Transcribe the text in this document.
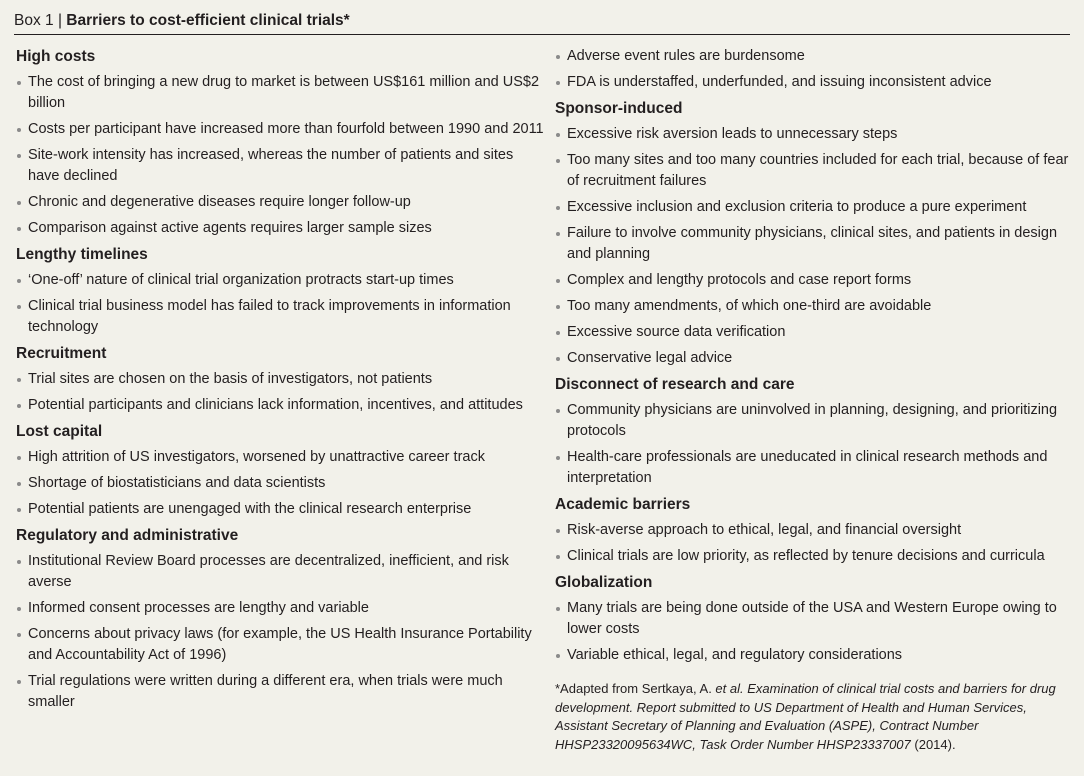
Box 1 | Barriers to cost-efficient clinical trials*
High costs
The cost of bringing a new drug to market is between US$161 million and US$2 billion
Costs per participant have increased more than fourfold between 1990 and 2011
Site-work intensity has increased, whereas the number of patients and sites have declined
Chronic and degenerative diseases require longer follow-up
Comparison against active agents requires larger sample sizes
Lengthy timelines
‘One-off’ nature of clinical trial organization protracts start-up times
Clinical trial business model has failed to track improvements in information technology
Recruitment
Trial sites are chosen on the basis of investigators, not patients
Potential participants and clinicians lack information, incentives, and attitudes
Lost capital
High attrition of US investigators, worsened by unattractive career track
Shortage of biostatisticians and data scientists
Potential patients are unengaged with the clinical research enterprise
Regulatory and administrative
Institutional Review Board processes are decentralized, inefficient, and risk averse
Informed consent processes are lengthy and variable
Concerns about privacy laws (for example, the US Health Insurance Portability and Accountability Act of 1996)
Trial regulations were written during a different era, when trials were much smaller
Adverse event rules are burdensome
FDA is understaffed, underfunded, and issuing inconsistent advice
Sponsor-induced
Excessive risk aversion leads to unnecessary steps
Too many sites and too many countries included for each trial, because of fear of recruitment failures
Excessive inclusion and exclusion criteria to produce a pure experiment
Failure to involve community physicians, clinical sites, and patients in design and planning
Complex and lengthy protocols and case report forms
Too many amendments, of which one-third are avoidable
Excessive source data verification
Conservative legal advice
Disconnect of research and care
Community physicians are uninvolved in planning, designing, and prioritizing protocols
Health-care professionals are uneducated in clinical research methods and interpretation
Academic barriers
Risk-averse approach to ethical, legal, and financial oversight
Clinical trials are low priority, as reflected by tenure decisions and curricula
Globalization
Many trials are being done outside of the USA and Western Europe owing to lower costs
Variable ethical, legal, and regulatory considerations
*Adapted from Sertkaya, A. et al. Examination of clinical trial costs and barriers for drug development. Report submitted to US Department of Health and Human Services, Assistant Secretary of Planning and Evaluation (ASPE), Contract Number HHSP23320095634WC, Task Order Number HHSP23337007 (2014).
